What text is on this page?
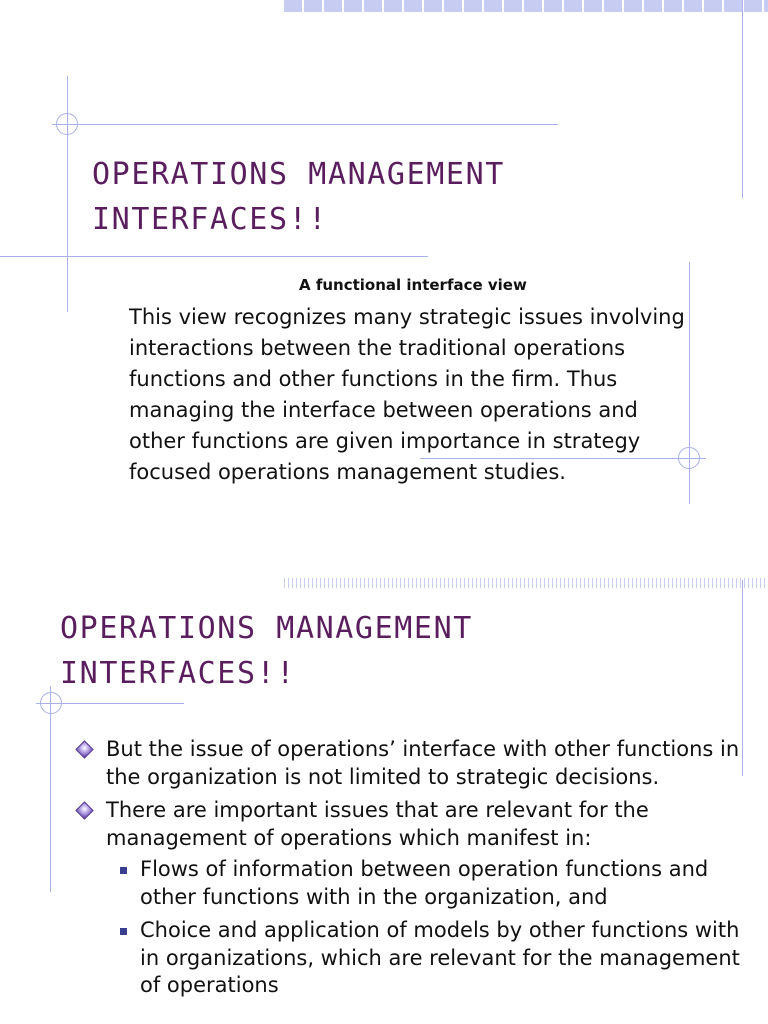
OPERATIONS MANAGEMENT
INTERFACES!!

A functional interface view

This view recognizes many strategic issues involving interactions between the traditional operations functions and other functions in the firm. Thus managing the interface between operations and other functions are given importance in strategy focused operations management studies.

OPERATIONS MANAGEMENT
INTERFACES!!
But the issue of operations’ interface with other functions in the organization is not limited to strategic decisions.
There are important issues that are relevant for the management of operations which manifest in:
Flows of information between operation functions and other functions with in the organization, and
Choice and application of models by other functions with in organizations, which are relevant for the management of operations
